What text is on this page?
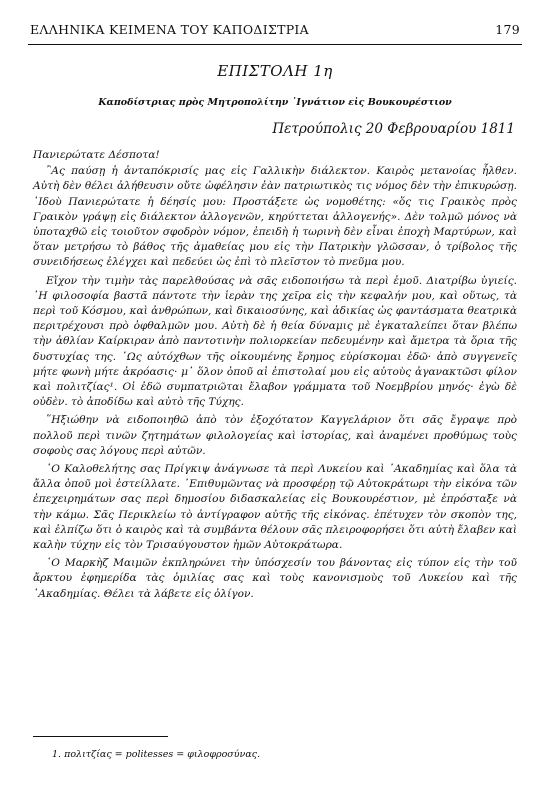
ΕΛΛΗΝΙΚΑ ΚΕΙΜΕΝΑ ΤΟΥ ΚΑΠΟΔΙΣΤΡΙΑ	179
ΕΠΙΣΤΟΛΗ 1η
Καποδίστριας πρὸς Μητροπολίτην ᾿Ιγνάτιον εἰς Βουκουρέστιον
Πετρούπολις 20 Φεβρουαρίου 1811

Πανιερώτατε Δέσποτα!

῍Ας παύσῃ ἡ ἀνταπόκρισίς μας εἰς Γαλλικὴν διάλεκτον. Καιρὸς μετανοίας ἦλθεν. Αὐτὴ δὲν θέλει ἀλήθευσιν οὔτε ὠφέλησιν ἐὰν πατριωτικὸς τις νόμος δὲν τὴν ἐπικυρώσῃ. ᾿Ιδοὺ Πανιερώτατε ἡ δέησίς μου: Προστάξετε ὡς νομοθέτης: «ὅς τις Γραικὸς πρὸς Γραικὸν γράψῃ εἰς διάλεκτον ἀλλογενῶν, κηρύττεται ἀλλογενής». Δὲν τολμῶ μόνος νὰ ὑποταχθῶ εἰς τοιοῦτον σφοδρὸν νόμον, ἐπειδὴ ἡ τωρινὴ δὲν εἶναι ἐποχὴ Μαρτύρων, καὶ ὅταν μετρήσω τὸ βάθος τῆς ἀμαθείας μου εἰς τὴν Πατρικὴν γλῶσσαν, ὁ τρίβολος τῆς συνειδήσεως ἐλέγχει καὶ πεδεύει ὡς ἐπὶ τὸ πλεῖστον τὸ πνεῦμα μου.

Εἴχον τὴν τιμὴν τὰς παρελθούσας νὰ σᾶς ειδοποιήσω τὰ περὶ ἐμοῦ. Διατρίβω ὑγιείς. ᾿Η φιλοσοφία βαστᾶ πάντοτε τὴν ἱερὰν της χεῖρα εἰς τὴν κεφαλήν μου, καὶ οὕτως, τὰ περὶ τοῦ Κόσμου, καὶ ἀνθρώπων, καὶ δικαιοσύνης, καὶ ἀδικίας ὡς φαντάσματα θεατρικὰ περιτρέχουσι πρὸ ὀφθαλμῶν μου. Αὐτὴ δὲ ἡ θεία δύναμις μὲ ἐγκαταλείπει ὅταν βλέπω τὴν ἀθλίαν Καίρκιραν ἀπὸ παντοτινὴν πολιορκείαν πεδευμένην καὶ ἄμετρα τὰ ὅρια τῆς δυστυχίας της. ῾Ως αὐτόχθων τῆς οἰκουμένης ἔρημος εὑρίσκομαι ἐδῶ· ἀπὸ συγγενεῖς μήτε φωνὴ μήτε ἀκρόασις· μ᾿ ὅλον ὁποῦ αἱ ἐπιστολαί μου εἰς αὐτοὺς ἀγανακτῶσι φίλον καὶ πολιτζίας¹. Οἱ ἐδῶ συμπατριῶται ἔλαβον γράμματα τοῦ Νοεμβρίου μηνός· ἐγὼ δὲ οὐδὲν. τὸ ἀποδίδω καὶ αὐτὸ τῆς Τύχης.

῞Ηξιώθην νὰ ειδοποιηθῶ ἀπὸ τὸν ἐξοχότατον Καγγελάριον ὅτι σᾶς ἔγραψε πρὸ πολλοῦ περὶ τινῶν ζητημάτων φιλολογείας καὶ ἱστορίας, καὶ ἀναμένει προθύμως τοὺς σοφοὺς σας λόγους περὶ αὐτῶν.

῾Ο Καλοθελήτης σας Πρίγκιψ ἀνάγνωσε τὰ περὶ Λυκείου καὶ ᾿Ακαδημίας καὶ ὅλα τὰ ἄλλα ὁποῦ μοὶ ἐστείλλατε. ᾿Επιθυμῶντας νὰ προσφέρῃ τῷ Αὐτοκράτωρι τὴν εἰκόνα τῶν ἐπεχειρημάτων σας περὶ δημοσίου διδασκαλείας εἰς Βουκουρέστιον, μὲ ἐπρόσταξε νὰ τὴν κάμω. Σᾶς Περικλείω τὸ ἀντίγραφον αὐτῆς τῆς εἰκόνας. ἐπέτυχεν τὸν σκοπὸν της, καὶ ἐλπίζω ὅτι ὁ καιρὸς καὶ τὰ συμβάντα θέλουν σᾶς πλειροφορήσει ὅτι αὐτὴ ἔλαβεν καὶ καλὴν τύχην εἰς τὸν Τρισαύγουστον ἡμῶν Αὐτοκράτωρα.

῾Ο Μαρκὴζ Μαιμῶν ἐκπληρώνει τὴν ὑπόσχεσίν του βάνοντας εἰς τύπον εἰς τὴν τοῦ ἄρκτου ἐφημερίδα τὰς ὁμιλίας σας καὶ τοὺς κανονισμοὺς τοῦ Λυκείου καὶ τῆς ᾿Ακαδημίας. Θέλει τὰ λάβετε εἰς ὀλίγον.

1. πολιτζίας = politesses = φιλοφροσύνας.
